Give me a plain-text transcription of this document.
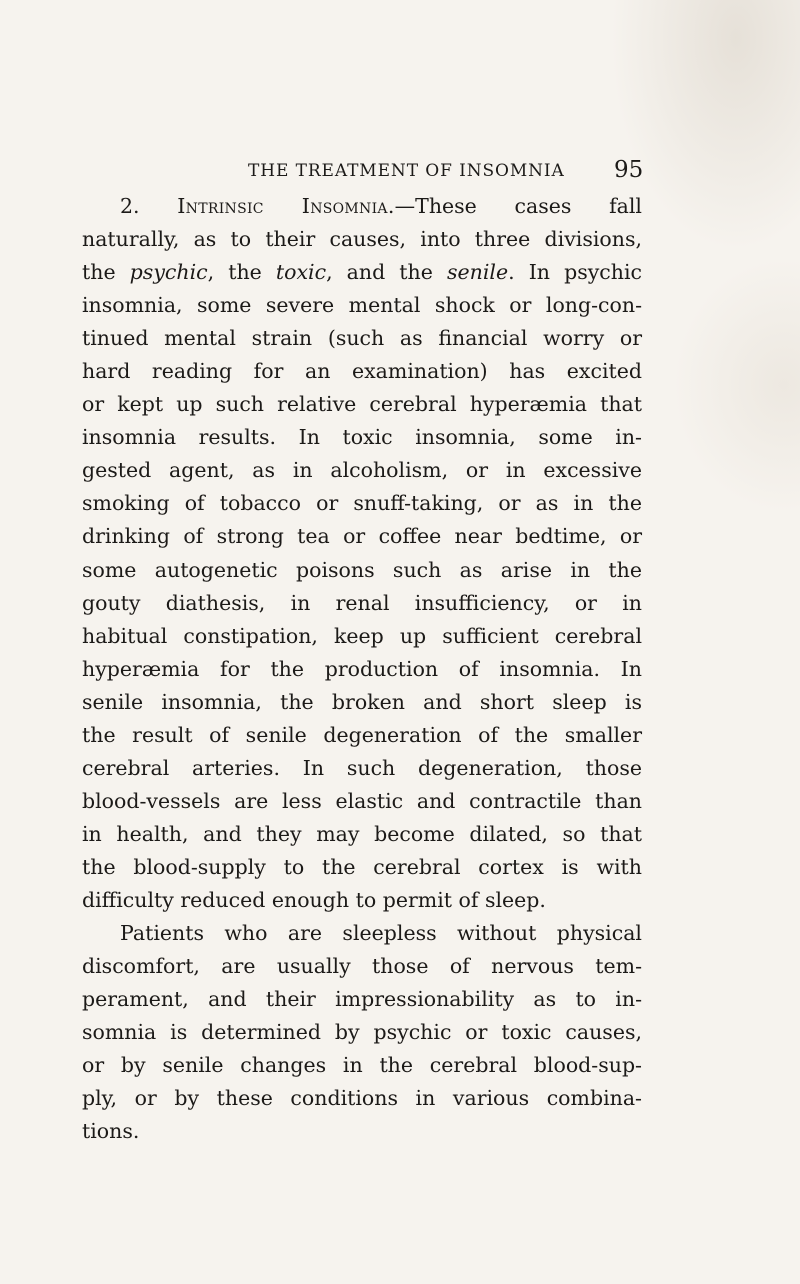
THE TREATMENT OF INSOMNIA 95
2. Intrinsic Insomnia.—These cases fall
naturally, as to their causes, into three divisions,
the psychic, the toxic, and the senile. In psychic
insomnia, some severe mental shock or long-con-
tinued mental strain (such as financial worry or
hard reading for an examination) has excited
or kept up such relative cerebral hyperæmia that
insomnia results. In toxic insomnia, some in-
gested agent, as in alcoholism, or in excessive
smoking of tobacco or snuff-taking, or as in the
drinking of strong tea or coffee near bedtime, or
some autogenetic poisons such as arise in the
gouty diathesis, in renal insufficiency, or in
habitual constipation, keep up sufficient cerebral
hyperæmia for the production of insomnia. In
senile insomnia, the broken and short sleep is
the result of senile degeneration of the smaller
cerebral arteries. In such degeneration, those
blood-vessels are less elastic and contractile than
in health, and they may become dilated, so that
the blood-supply to the cerebral cortex is with
difficulty reduced enough to permit of sleep.
Patients who are sleepless without physical
discomfort, are usually those of nervous tem-
perament, and their impressionability as to in-
somnia is determined by psychic or toxic causes,
or by senile changes in the cerebral blood-sup-
ply, or by these conditions in various combina-
tions.
